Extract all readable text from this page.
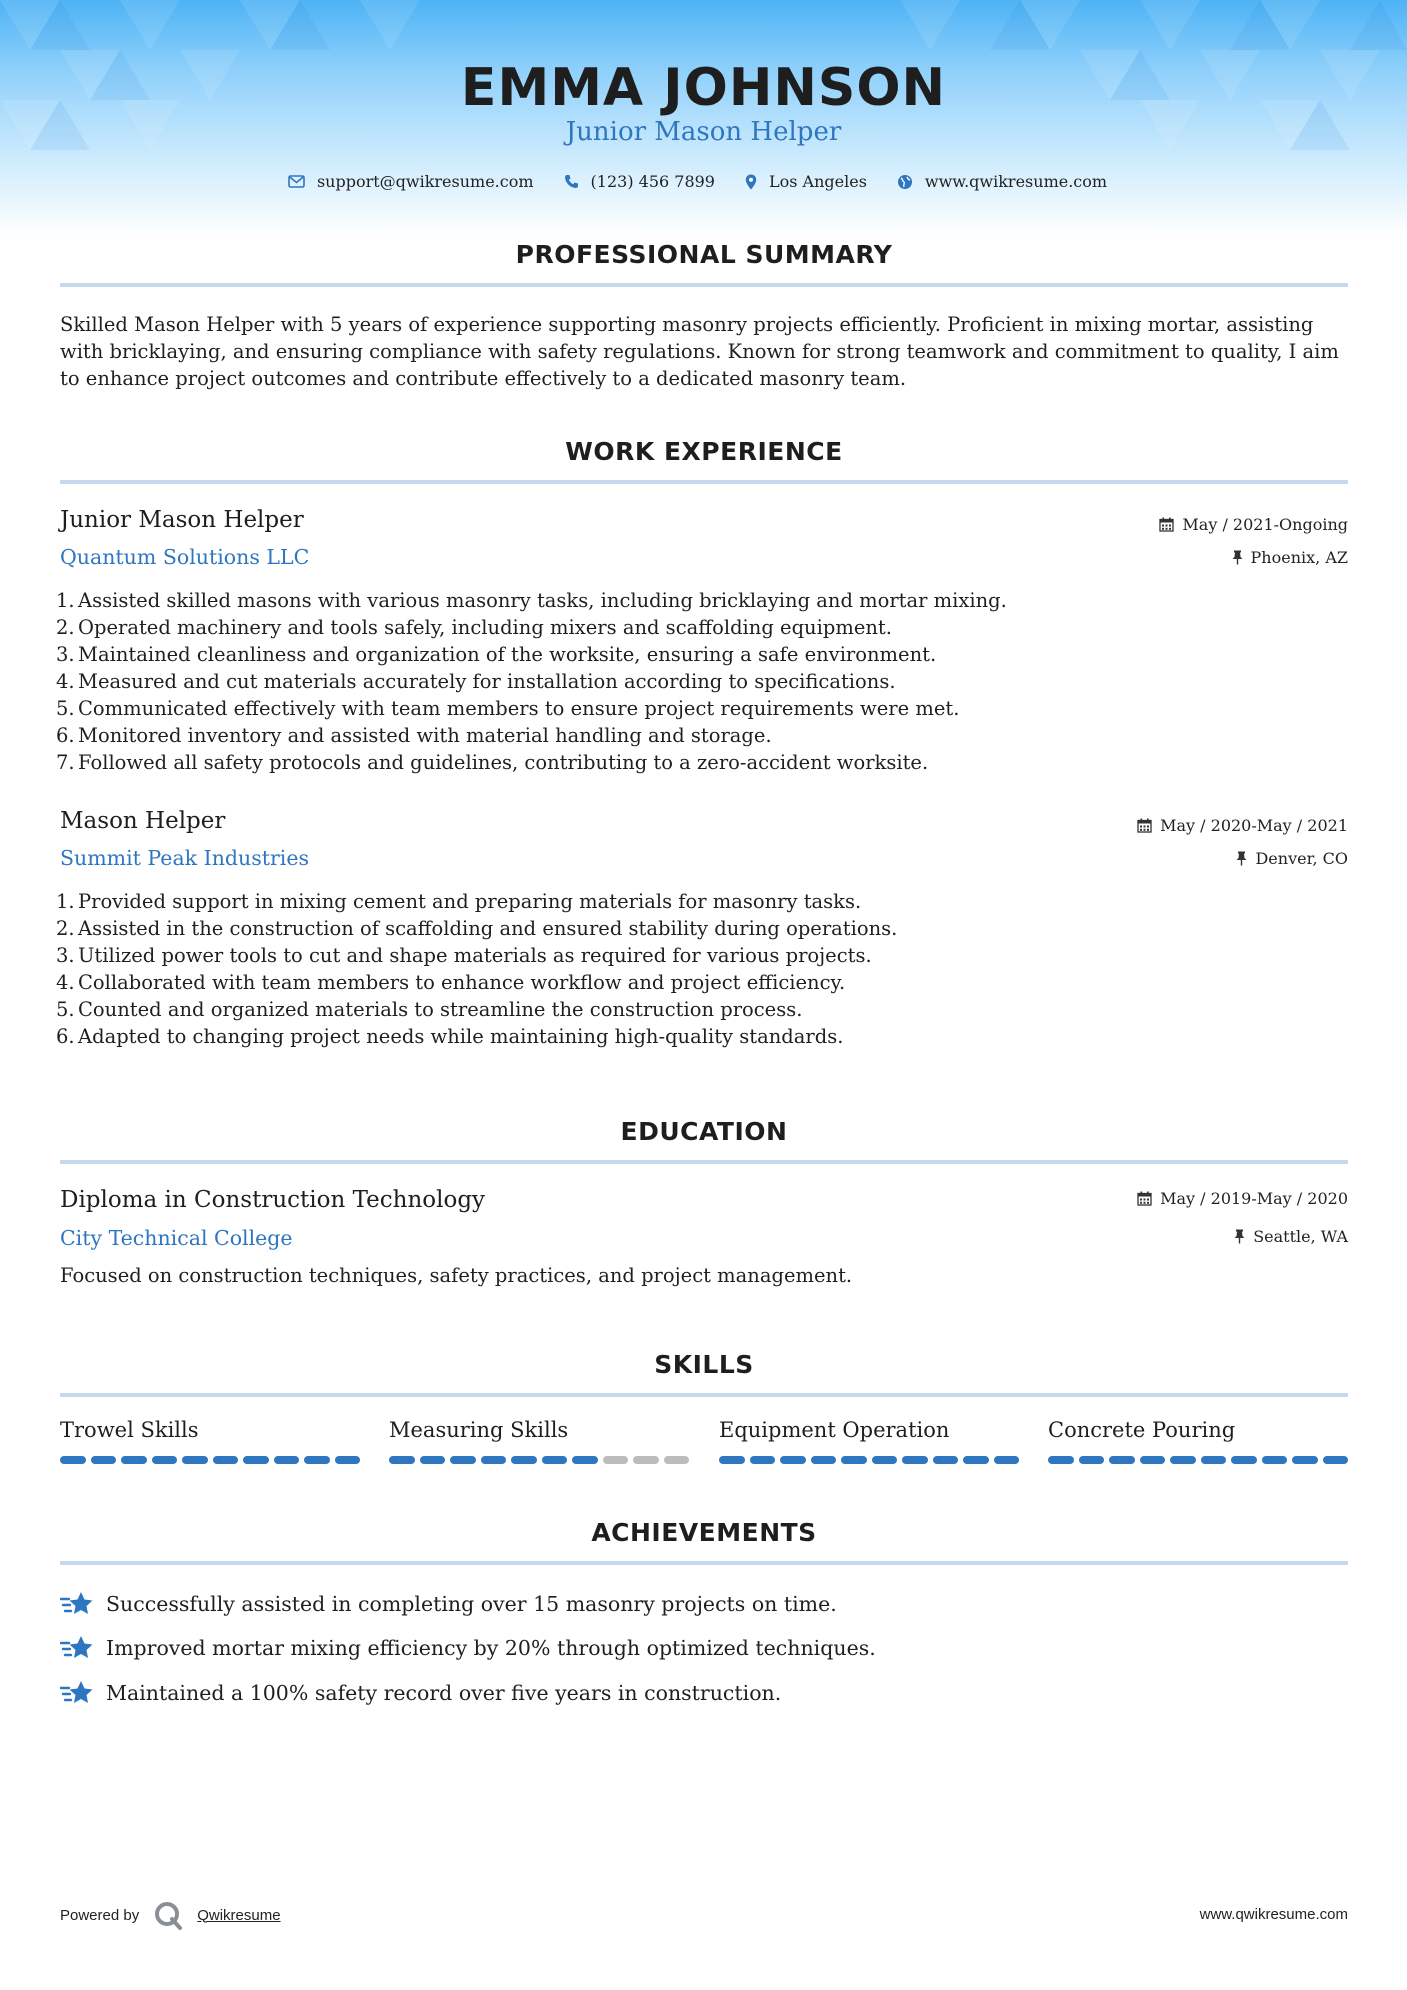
EMMA JOHNSON
Junior Mason Helper
support@qwikresume.com	(123) 456 7899	Los Angeles	www.qwikresume.com
PROFESSIONAL SUMMARY
Skilled Mason Helper with 5 years of experience supporting masonry projects efficiently. Proficient in mixing mortar, assisting with bricklaying, and ensuring compliance with safety regulations. Known for strong teamwork and commitment to quality, I aim to enhance project outcomes and contribute effectively to a dedicated masonry team.
WORK EXPERIENCE
Junior Mason Helper
Quantum Solutions LLC
May / 2021-Ongoing
Phoenix, AZ
1. Assisted skilled masons with various masonry tasks, including bricklaying and mortar mixing.
2. Operated machinery and tools safely, including mixers and scaffolding equipment.
3. Maintained cleanliness and organization of the worksite, ensuring a safe environment.
4. Measured and cut materials accurately for installation according to specifications.
5. Communicated effectively with team members to ensure project requirements were met.
6. Monitored inventory and assisted with material handling and storage.
7. Followed all safety protocols and guidelines, contributing to a zero-accident worksite.
Mason Helper
Summit Peak Industries
May / 2020-May / 2021
Denver, CO
1. Provided support in mixing cement and preparing materials for masonry tasks.
2. Assisted in the construction of scaffolding and ensured stability during operations.
3. Utilized power tools to cut and shape materials as required for various projects.
4. Collaborated with team members to enhance workflow and project efficiency.
5. Counted and organized materials to streamline the construction process.
6. Adapted to changing project needs while maintaining high-quality standards.
EDUCATION
Diploma in Construction Technology
City Technical College
May / 2019-May / 2020
Seattle, WA
Focused on construction techniques, safety practices, and project management.
SKILLS
Trowel Skills	Measuring Skills	Equipment Operation	Concrete Pouring
ACHIEVEMENTS
Successfully assisted in completing over 15 masonry projects on time.
Improved mortar mixing efficiency by 20% through optimized techniques.
Maintained a 100% safety record over five years in construction.
Powered by	Qwikresume	www.qwikresume.com
